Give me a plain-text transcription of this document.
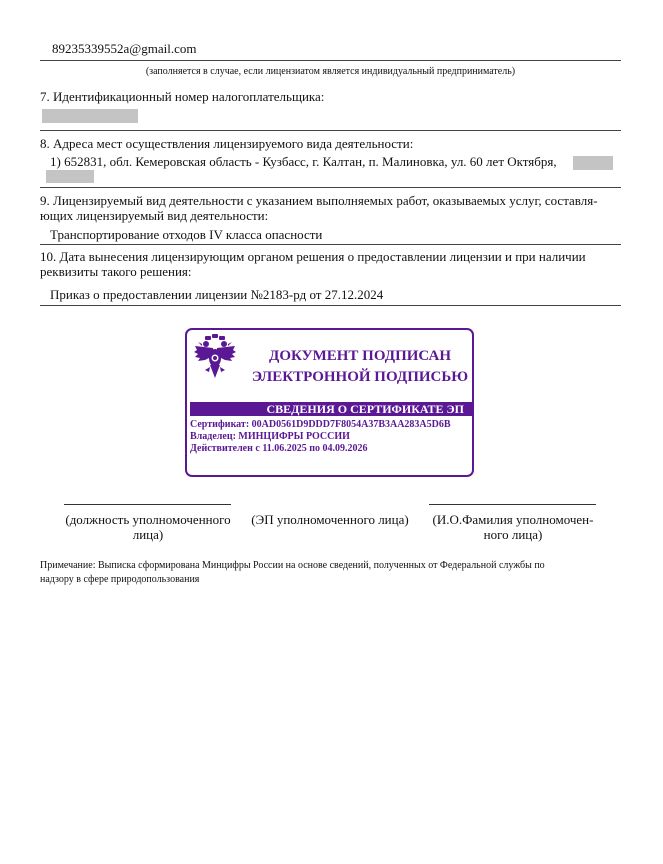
89235339552a@gmail.com
(заполняется в случае, если лицензиатом является индивидуальный предприниматель)
7. Идентификационный номер налогоплательщика:
8. Адреса мест осуществления лицензируемого вида деятельности:
1) 652831, обл. Кемеровская область - Кузбасс, г. Калтан, п. Малиновка, ул. 60 лет Октября,
9. Лицензируемый вид деятельности с указанием выполняемых работ, оказываемых услуг, составля-
ющих лицензируемый вид деятельности:
Транспортирование отходов IV класса опасности
10. Дата вынесения лицензирующим органом решения о предоставлении лицензии и при наличии
реквизиты такого решения:
Приказ о предоставлении лицензии №2183-рд от 27.12.2024
ДОКУМЕНТ ПОДПИСАН
ЭЛЕКТРОННОЙ ПОДПИСЬЮ
СВЕДЕНИЯ О СЕРТИФИКАТЕ ЭП
Сертификат: 00AD0561D9DDD7F8054A37B3AA283A5D6B
Владелец: МИНЦИФРЫ РОССИИ
Действителен с 11.06.2025 по 04.09.2026
(должность уполномоченного
лица)
(ЭП уполномоченного лица)	(И.О.Фамилия уполномочен-
ного лица)
Примечание: Выписка сформирована Минцифры России на основе сведений, полученных от Федеральной службы по
надзору в сфере природопользования
